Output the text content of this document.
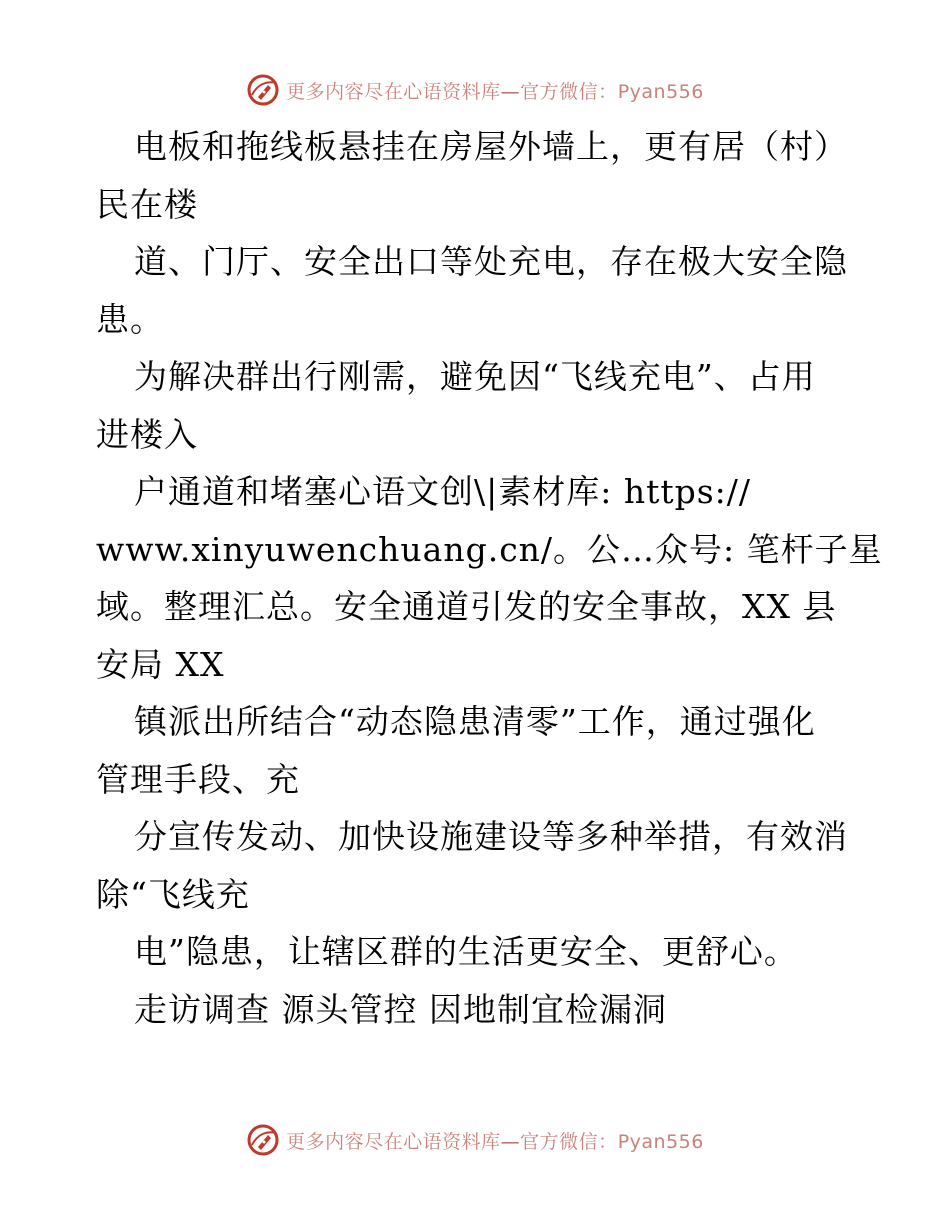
更多内容尽在心语资料库—官方微信：Pyan556

电板和拖线板悬挂在房屋外墙上，更有居（村）
民在楼

道、门厅、安全出口等处充电，存在极大安全隐
患。

为解决群出行刚需，避免因“飞线充电”、占用
进楼入

户通道和堵塞心语文创\|素材库: https://
www.xinyuwenchuang.cn/。公…众号: 笔杆子星
域。整理汇总。安全通道引发的安全事故，XX 县
安局 XX

镇派出所结合“动态隐患清零”工作，通过强化
管理手段、充

分宣传发动、加快设施建设等多种举措，有效消
除“飞线充

电”隐患，让辖区群的生活更安全、更舒心。

走访调查 源头管控 因地制宜检漏洞

更多内容尽在心语资料库—官方微信：Pyan556
